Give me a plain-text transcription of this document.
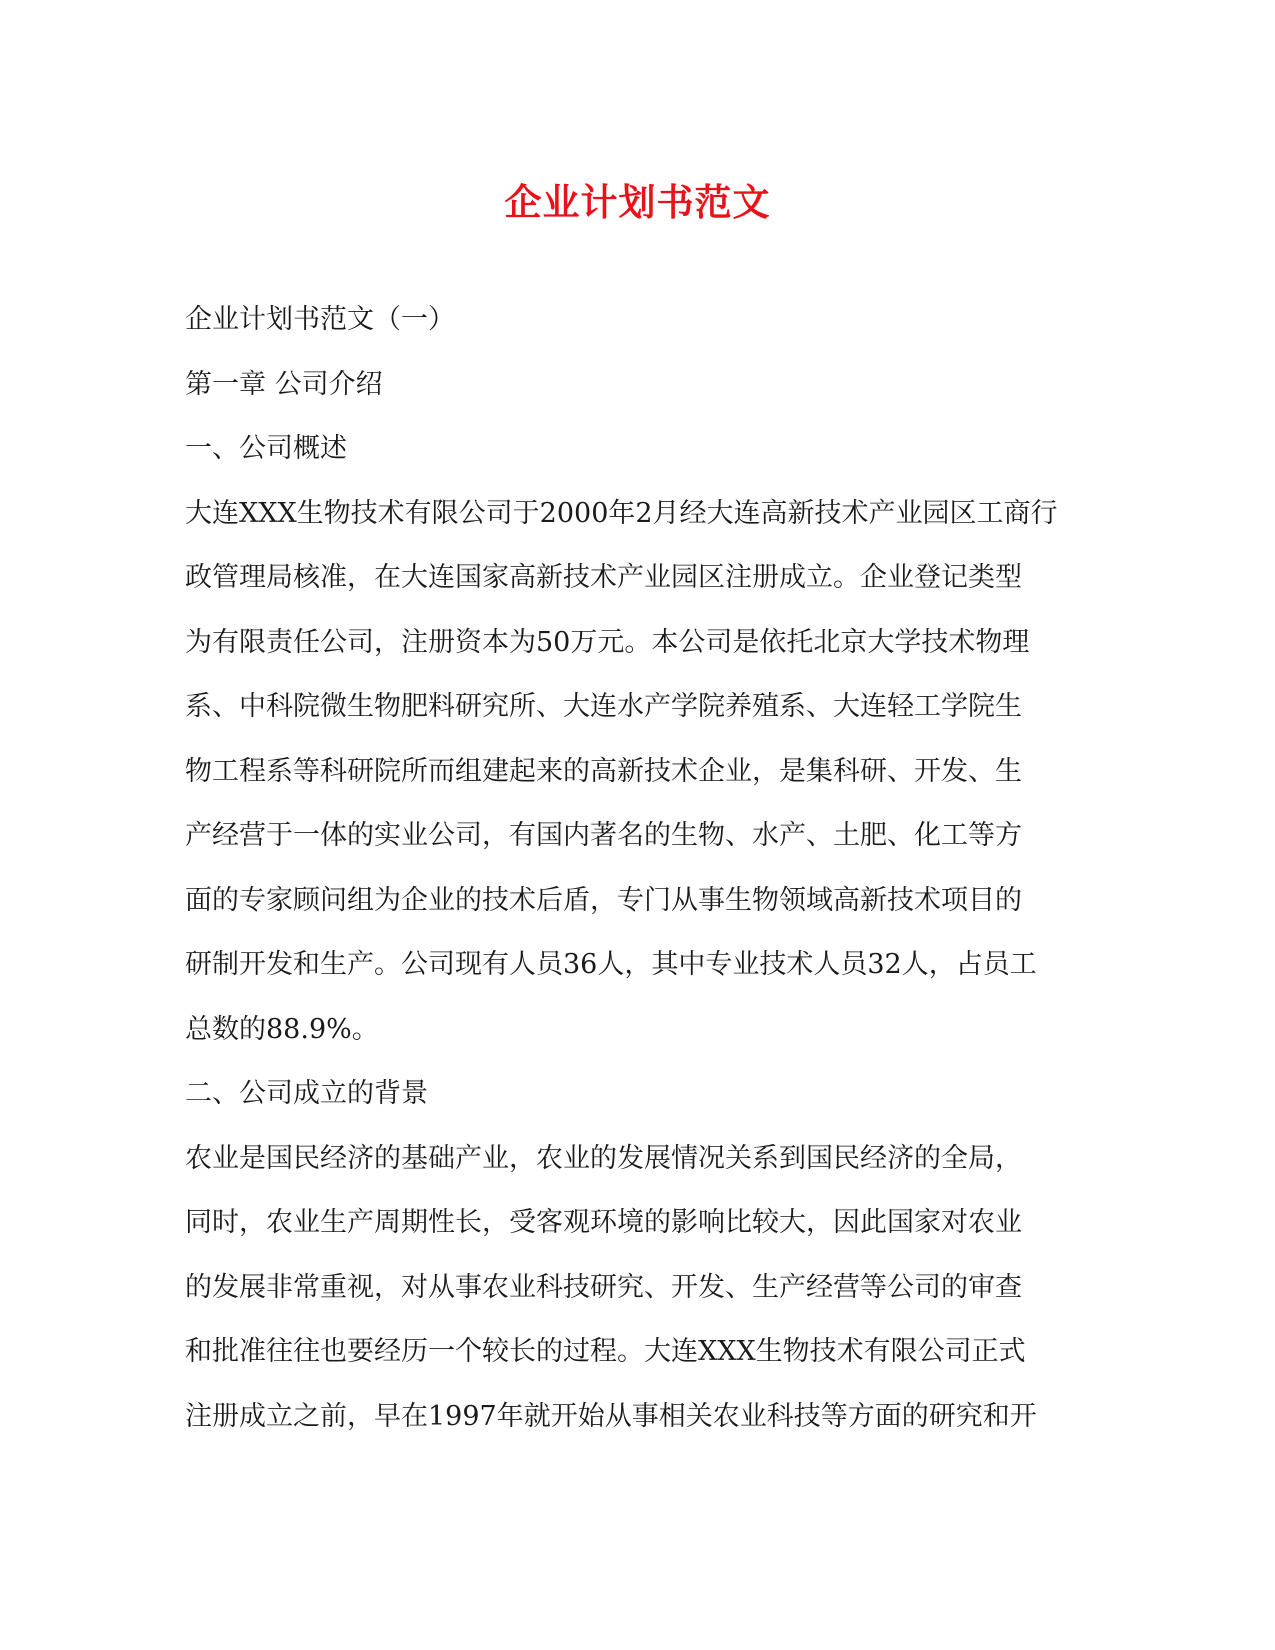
企业计划书范文
企业计划书范文（一）
第一章 公司介绍
一、公司概述
大连XXX生物技术有限公司于2000年2月经大连高新技术产业园区工商行
政管理局核准，在大连国家高新技术产业园区注册成立。企业登记类型
为有限责任公司，注册资本为50万元。本公司是依托北京大学技术物理
系、中科院微生物肥料研究所、大连水产学院养殖系、大连轻工学院生
物工程系等科研院所而组建起来的高新技术企业，是集科研、开发、生
产经营于一体的实业公司，有国内著名的生物、水产、土肥、化工等方
面的专家顾问组为企业的技术后盾，专门从事生物领域高新技术项目的
研制开发和生产。公司现有人员36人，其中专业技术人员32人，占员工
总数的88.9%。
二、公司成立的背景
农业是国民经济的基础产业，农业的发展情况关系到国民经济的全局，
同时，农业生产周期性长，受客观环境的影响比较大，因此国家对农业
的发展非常重视，对从事农业科技研究、开发、生产经营等公司的审查
和批准往往也要经历一个较长的过程。大连XXX生物技术有限公司正式
注册成立之前，早在1997年就开始从事相关农业科技等方面的研究和开
